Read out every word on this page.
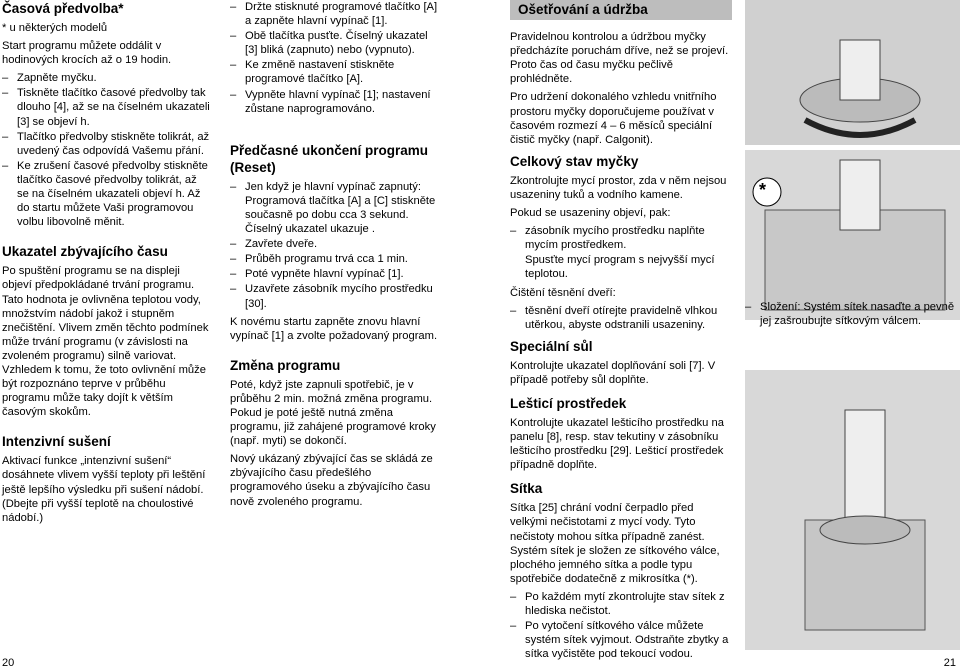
Časová předvolba*

* u některých modelů

Start programu můžete oddálit v hodinových krocích až o 19 hodin.

– Zapněte myčku.
– Tiskněte tlačítko časové předvolby tak dlouho [4], až se na číselném ukazateli [3] se objeví h.
– Tlačítko předvolby stiskněte tolikrát, až uvedený čas odpovídá Vašemu přání.
– Ke zrušení časové předvolby stiskněte tlačítko časové předvolby tolikrát, až se na číselném ukazateli objeví h. Až do startu můžete Vaši programovou volbu libovolně měnit.
Ukazatel zbývajícího času

Po spuštění programu se na displeji objeví předpokládané trvání programu. Tato hodnota je ovlivněna teplotou vody, množstvím nádobí jakož i stupněm znečištění. Vlivem změn těchto podmínek může trvání programu (v závislosti na zvoleném programu) silně variovat. Vzhledem k tomu, že toto ovlivnění může být rozpoznáno teprve v průběhu programu může taky dojít k větším časovým skokům.

Intenzivní sušení

Aktivací funkce „intenzivní sušení“ dosáhnete vlivem vyšší teploty při leštění ještě lepšího výsledku při sušení nádobí. (Dbejte při vyšší teplotě na choulostivé nádobí.)

20
– Držte stisknuté programové tlačítko [A] a zapněte hlavní vypínač [1].
– Obě tlačítka pusťte. Číselný ukazatel [3] bliká (zapnuto) nebo (vypnuto).
– Ke změně nastavení stiskněte programové tlačítko [A].
– Vypněte hlavní vypínač [1]; nastavení zůstane naprogramováno.
Předčasné ukončení programu (Reset)
– Jen když je hlavní vypínač zapnutý: Programová tlačítka [A] a [C] stiskněte současně po dobu cca 3 sekund. Číselný ukazatel ukazuje .
– Zavřete dveře.
– Průběh programu trvá cca 1 min.
– Poté vypněte hlavní vypínač [1].
– Uzavřete zásobník mycího prostředku [30].

K novému startu zapněte znovu hlavní vypínač [1] a zvolte požadovaný program.

Změna programu

Poté, když jste zapnuli spotřebič, je v průběhu 2 min. možná změna programu. Pokud je poté ještě nutná změna programu, již zahájené programové kroky (např. myti) se dokončí.

Nový ukázaný zbývající čas se skládá ze zbývajícího času předešlého programového úseku a zbývajícího času nově zvoleného programu.

Ošetřování a údržba

Pravidelnou kontrolou a údržbou myčky předcházíte poruchám dříve, než se projeví. Proto čas od času myčku pečlivě prohlédněte.

Pro udržení dokonalého vzhledu vnitřního prostoru myčky doporučujeme používat v časovém rozmezí 4 – 6 měsíců speciální čistič myčky (např. Calgonit).

Celkový stav myčky

Zkontrolujte mycí prostor, zda v něm nejsou usazeniny tuků a vodního kamene.

Pokud se usazeniny objeví, pak:

– zásobník mycího prostředku naplňte mycím prostředkem.
Spusťte mycí program s nejvyšší mycí teplotou.

Čištění těsnění dveří:

– těsnění dveří otírejte pravidelně vlhkou utěrkou, abyste odstranili usazeniny.
Speciální sůl

Kontrolujte ukazatel doplňování soli [7]. V případě potřeby sůl doplňte.

Lešticí prostředek

Kontrolujte ukazatel lešticího prostředku na panelu [8], resp. stav tekutiny v zásobníku lešticího prostředku [29]. Lešticí prostředek případně doplňte.

Sítka

Sítka [25] chrání vodní čerpadlo před velkými nečistotami z mycí vody. Tyto nečistoty mohou sítka případně zanést. Systém sítek je složen ze sítkového válce, plochého jemného sítka a podle typu spotřebiče dodatečně z mikrosítka (*).

– Po každém mytí zkontrolujte stav sítek z hlediska nečistot.
– Po vytočení sítkového válce můžete systém sítek vyjmout. Odstraňte zbytky a sítka vyčistěte pod tekoucí vodou.
*
– Složení: Systém sítek nasaďte a pevně jej zašroubujte sítkovým válcem.
21
